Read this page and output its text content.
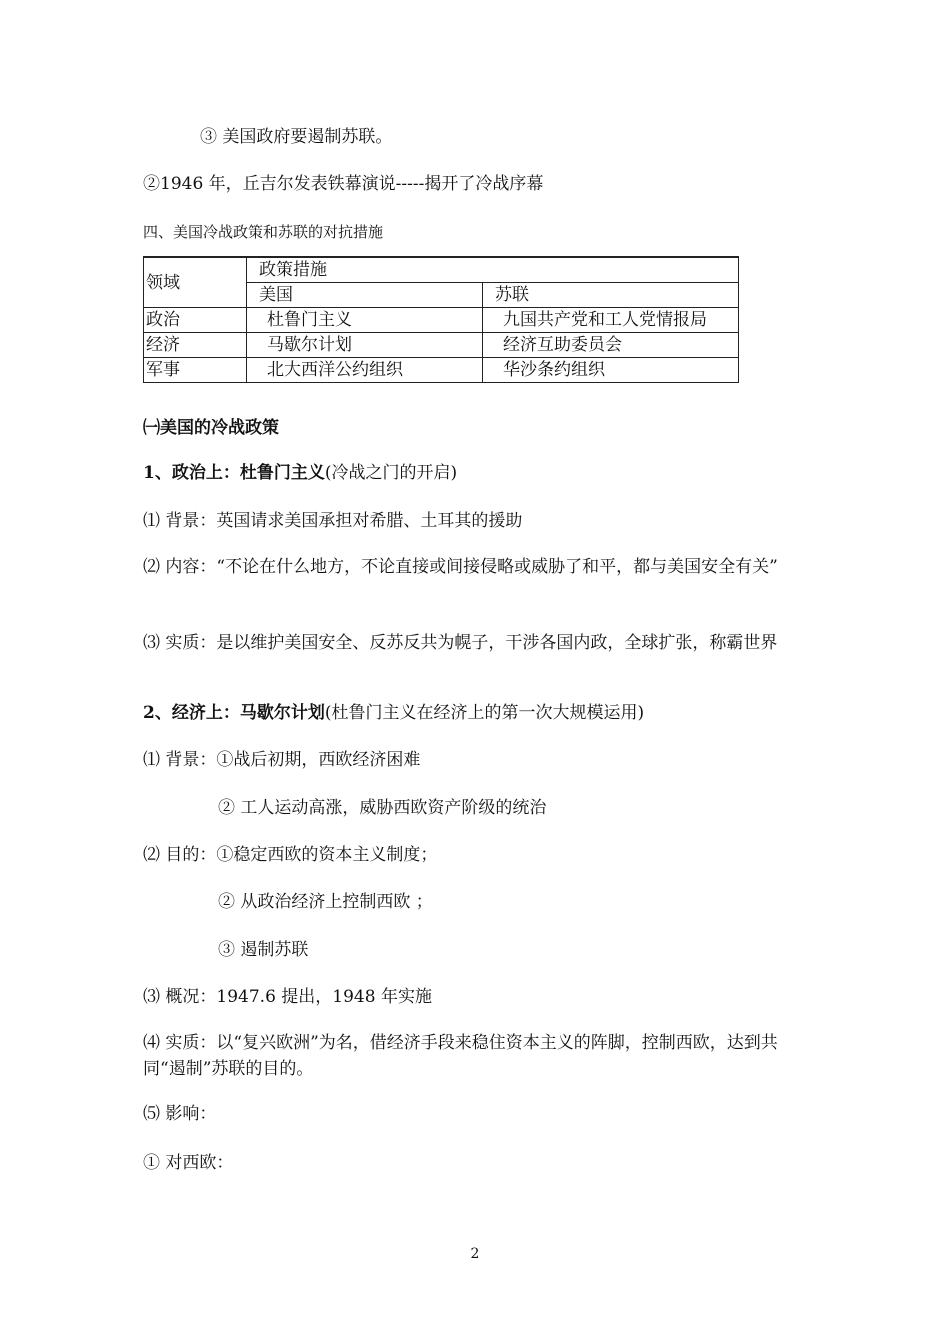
③ 美国政府要遏制苏联。
②1946 年，丘吉尔发表铁幕演说-----揭开了冷战序幕
四、美国冷战政策和苏联的对抗措施
领域	政策措施	
	美国	苏联
政治	杜鲁门主义	九国共产党和工人党情报局
经济	马歇尔计划	经济互助委员会
军事	北大西洋公约组织	华沙条约组织
㈠美国的冷战政策
1、政治上：杜鲁门主义(冷战之门的开启)
⑴ 背景：英国请求美国承担对希腊、土耳其的援助
⑵ 内容：“不论在什么地方，不论直接或间接侵略或威胁了和平，都与美国安全有关”
⑶ 实质：是以维护美国安全、反苏反共为幌子，干涉各国内政，全球扩张，称霸世界
2、经济上：马歇尔计划(杜鲁门主义在经济上的第一次大规模运用)
⑴ 背景：①战后初期，西欧经济困难
② 工人运动高涨，威胁西欧资产阶级的统治
⑵ 目的：①稳定西欧的资本主义制度；
② 从政治经济上控制西欧 ；
③ 遏制苏联
⑶ 概况：1947.6 提出，1948 年实施
⑷ 实质：以“复兴欧洲”为名，借经济手段来稳住资本主义的阵脚，控制西欧，达到共同“遏制”苏联的目的。
⑸ 影响：
① 对西欧：
2
